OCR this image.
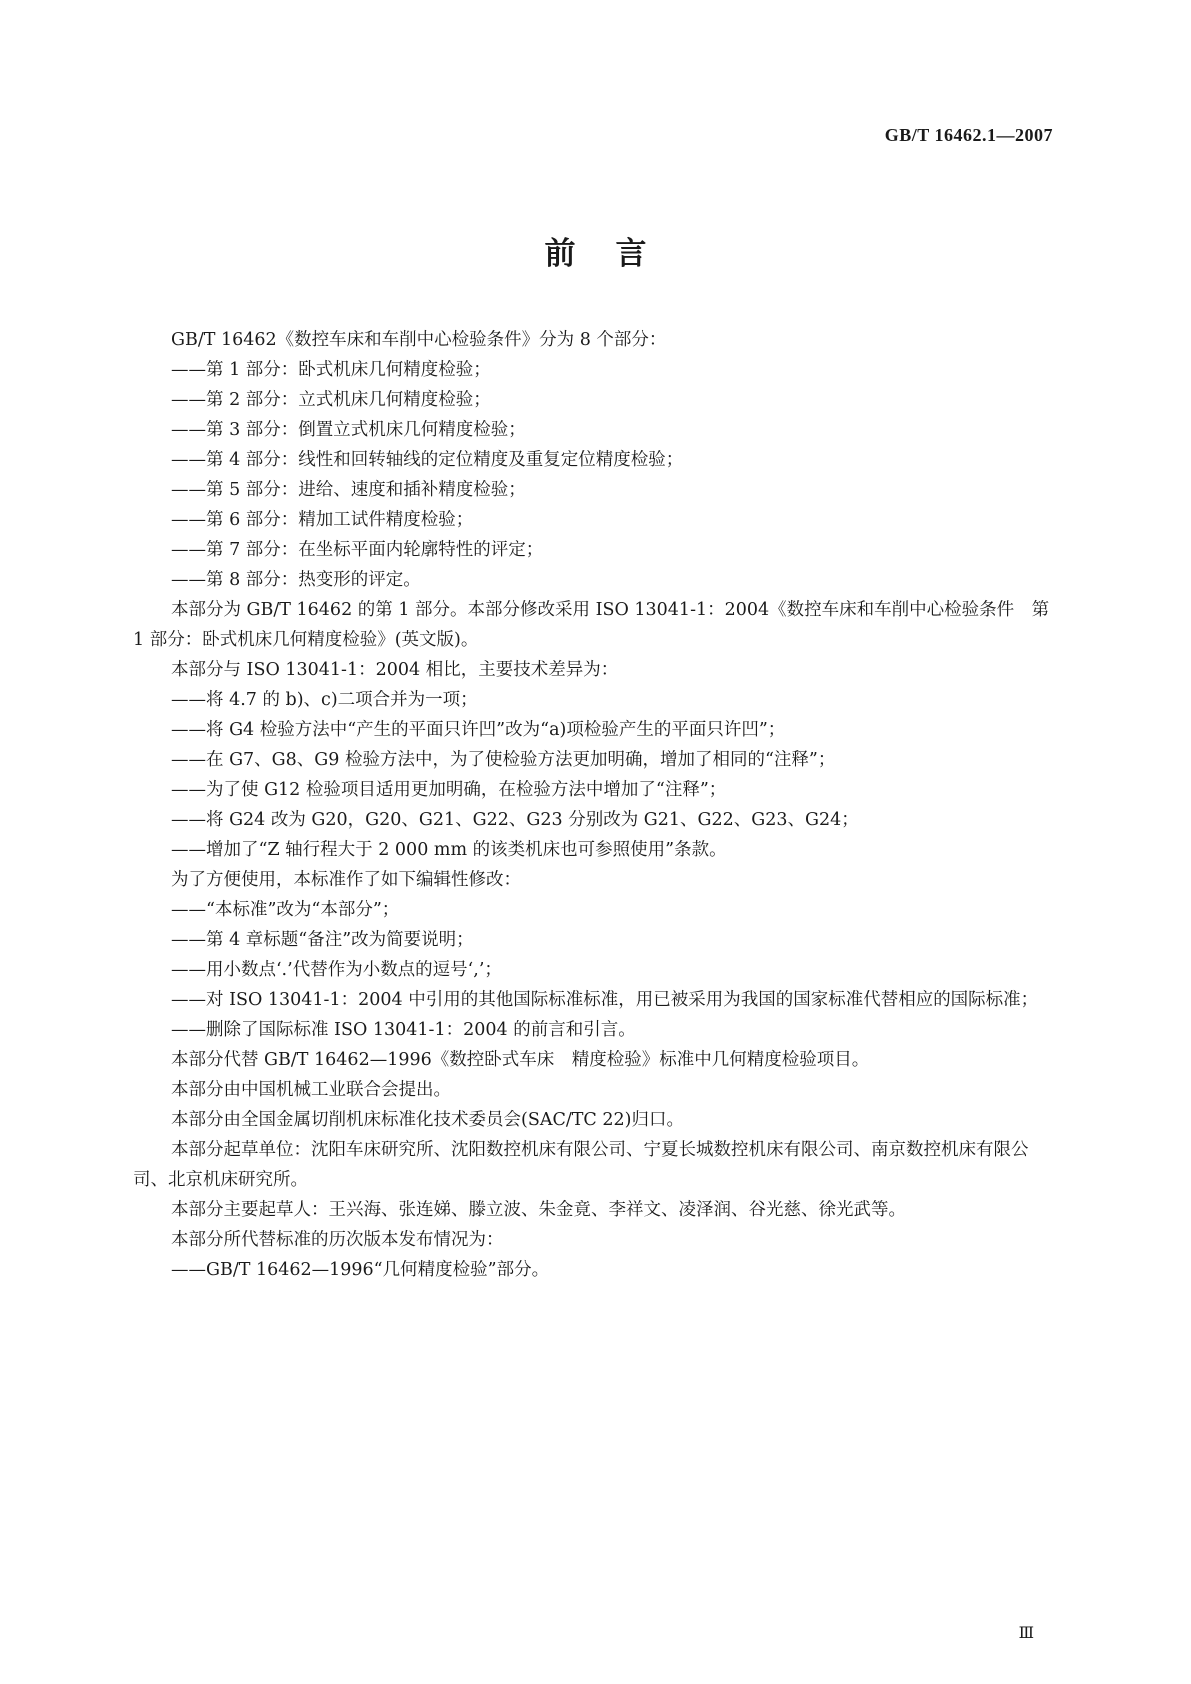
GB/T 16462.1—2007
前言

GB/T 16462《数控车床和车削中心检验条件》分为 8 个部分：

——第 1 部分：卧式机床几何精度检验；

——第 2 部分：立式机床几何精度检验；

——第 3 部分：倒置立式机床几何精度检验；

——第 4 部分：线性和回转轴线的定位精度及重复定位精度检验；

——第 5 部分：进给、速度和插补精度检验；

——第 6 部分：精加工试件精度检验；

——第 7 部分：在坐标平面内轮廓特性的评定；

——第 8 部分：热变形的评定。

本部分为 GB/T 16462 的第 1 部分。本部分修改采用 ISO 13041-1：2004《数控车床和车削中心检验条件　第 1 部分：卧式机床几何精度检验》(英文版)。

本部分与 ISO 13041-1：2004 相比，主要技术差异为：

——将 4.7 的 b)、c)二项合并为一项；

——将 G4 检验方法中“产生的平面只许凹”改为“a)项检验产生的平面只许凹”；

——在 G7、G8、G9 检验方法中，为了使检验方法更加明确，增加了相同的“注释”；

——为了使 G12 检验项目适用更加明确，在检验方法中增加了“注释”；

——将 G24 改为 G20，G20、G21、G22、G23 分别改为 G21、G22、G23、G24；

——增加了“Z 轴行程大于 2 000 mm 的该类机床也可参照使用”条款。

为了方便使用，本标准作了如下编辑性修改：

——“本标准”改为“本部分”；

——第 4 章标题“备注”改为简要说明；

——用小数点‘.’代替作为小数点的逗号‘,’；

——对 ISO 13041-1：2004 中引用的其他国际标准标准，用已被采用为我国的国家标准代替相应的国际标准；

——删除了国际标准 ISO 13041-1：2004 的前言和引言。

本部分代替 GB/T 16462—1996《数控卧式车床　精度检验》标准中几何精度检验项目。

本部分由中国机械工业联合会提出。

本部分由全国金属切削机床标准化技术委员会(SAC/TC 22)归口。

本部分起草单位：沈阳车床研究所、沈阳数控机床有限公司、宁夏长城数控机床有限公司、南京数控机床有限公司、北京机床研究所。

本部分主要起草人：王兴海、张连娣、滕立波、朱金竟、李祥文、凌泽润、谷光慈、徐光武等。

本部分所代替标准的历次版本发布情况为：

——GB/T 16462—1996“几何精度检验”部分。

Ⅲ
